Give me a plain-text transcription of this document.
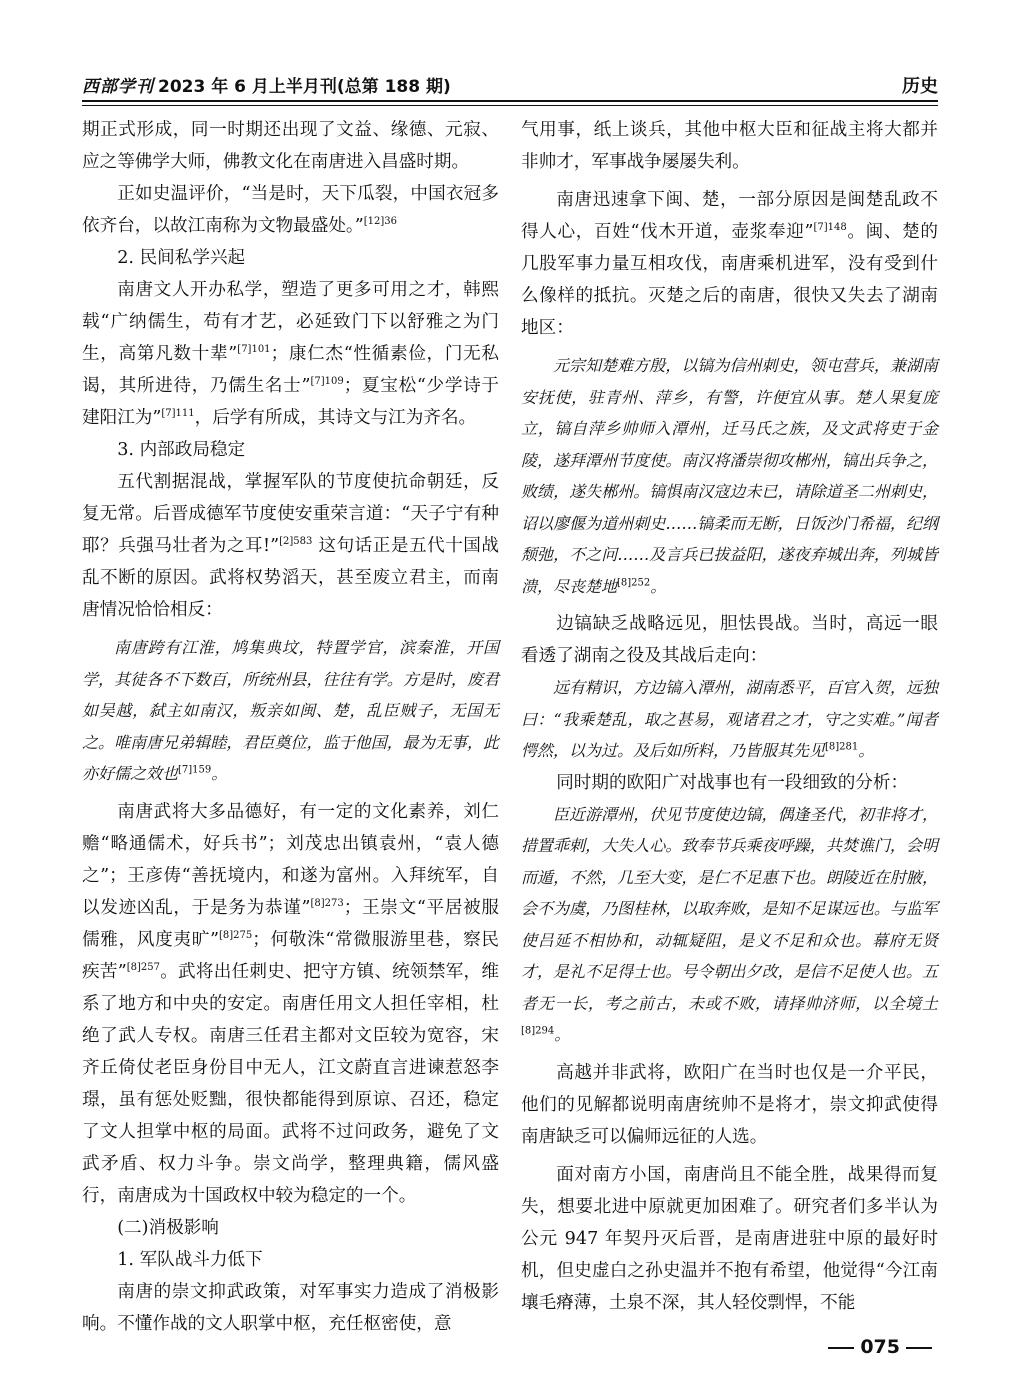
西部学刊 2023 年 6 月上半月刊(总第 188 期)	历史

期正式形成，同一时期还出现了文益、缘德、元寂、应之等佛学大师，佛教文化在南唐进入昌盛时期。

正如史温评价，“当是时，天下瓜裂，中国衣冠多依齐台，以故江南称为文物最盛处。”$^{[12]36}$

2. 民间私学兴起

南唐文人开办私学，塑造了更多可用之才，韩熙载“广纳儒生，苟有才艺，必延致门下以舒雅之为门生，高第凡数十辈”$^{[7]101}$；康仁杰“性循素俭，门无私谒，其所进待，乃儒生名士”$^{[7]109}$；夏宝松“少学诗于建阳江为”$^{[7]111}$，后学有所成，其诗文与江为齐名。

3. 内部政局稳定

五代割据混战，掌握军队的节度使抗命朝廷，反复无常。后晋成德军节度使安重荣言道：“天子宁有种耶？兵强马壮者为之耳!”$^{[2]583}$ 这句话正是五代十国战乱不断的原因。武将权势滔天，甚至废立君主，而南唐情况恰恰相反：

南唐跨有江淮，鸠集典坟，特置学官，滨秦淮，开国学，其徒各不下数百，所统州县，往往有学。方是时，废君如吴越，弑主如南汉，叛亲如闽、楚，乱臣贼子，无国无之。唯南唐兄弟辑睦，君臣奠位，监于他国，最为无事，此亦好儒之效也$^{[7]159}$。

南唐武将大多品德好，有一定的文化素养，刘仁赡“略通儒术，好兵书”；刘茂忠出镇袁州，“袁人德之”；王彦俦“善抚境内，和遂为富州。入拜统军，自以发迹凶乱，于是务为恭谨”$^{[8]273}$；王崇文“平居被服儒雅，风度夷旷”$^{[8]275}$；何敬洙“常微服游里巷，察民疾苦”$^{[8]257}$。武将出任刺史、把守方镇、统领禁军，维系了地方和中央的安定。南唐任用文人担任宰相，杜绝了武人专权。南唐三任君主都对文臣较为宽容，宋齐丘倚仗老臣身份目中无人，江文蔚直言进谏惹怒李璟，虽有惩处贬黜，很快都能得到原谅、召还，稳定了文人担掌中枢的局面。武将不过问政务，避免了文武矛盾、权力斗争。崇文尚学，整理典籍，儒风盛行，南唐成为十国政权中较为稳定的一个。

(二)消极影响

1. 军队战斗力低下

南唐的崇文抑武政策，对军事实力造成了消极影响。不懂作战的文人职掌中枢，充任枢密使，意

气用事，纸上谈兵，其他中枢大臣和征战主将大都并非帅才，军事战争屡屡失利。

南唐迅速拿下闽、楚，一部分原因是闽楚乱政不得人心，百姓“伐木开道，壶浆奉迎”$^{[7]148}$。闽、楚的几股军事力量互相攻伐，南唐乘机进军，没有受到什么像样的抵抗。灭楚之后的南唐，很快又失去了湖南地区：

元宗知楚难方殷，以镐为信州刺史，领屯营兵，兼湖南安抚使，驻青州、萍乡，有警，许便宜从事。楚人果复庞立，镐自萍乡帅师入潭州，迁马氏之族，及文武将吏于金陵，遂拜潭州节度使。南汉将潘崇彻攻郴州，镐出兵争之，败绩，遂失郴州。镐惧南汉寇边未已，请除道圣二州刺史，诏以廖偃为道州刺史……镐柔而无断，日饭沙门希福，纪纲颓弛，不之问……及言兵已拔益阳，遂夜弃城出奔，列城皆溃，尽丧楚地$^{[8]252}$。

边镐缺乏战略远见，胆怯畏战。当时，高远一眼看透了湖南之役及其战后走向：

远有精识，方边镐入潭州，湖南悉平，百官入贺，远独曰：“我乘楚乱，取之甚易，观诸君之才，守之实难。”闻者愕然，以为过。及后如所料，乃皆服其先见$^{[8]281}$。

同时期的欧阳广对战事也有一段细致的分析：

臣近游潭州，伏见节度使边镐，偶逢圣代，初非将才，措置乖剌，大失人心。致奉节兵乘夜呼躁，共焚谯门，会明而遁，不然，几至大变，是仁不足惠下也。朗陵近在肘腋，会不为虞，乃图桂林，以取奔败，是知不足谋远也。与监军使吕延不相协和，动辄疑阻，是义不足和众也。幕府无贤才，是礼不足得士也。号令朝出夕改，是信不足使人也。五者无一长，考之前古，未或不败，请择帅济师，以全境土$^{[8]294}$。

高越并非武将，欧阳广在当时也仅是一介平民，他们的见解都说明南唐统帅不是将才，崇文抑武使得南唐缺乏可以偏师远征的人选。

面对南方小国，南唐尚且不能全胜，战果得而复失，想要北进中原就更加困难了。研究者们多半认为公元 947 年契丹灭后晋，是南唐进驻中原的最好时机，但史虚白之孙史温并不抱有希望，他觉得“今江南壤毛瘠薄，土泉不深，其人轻佼剽悍，不能

075
